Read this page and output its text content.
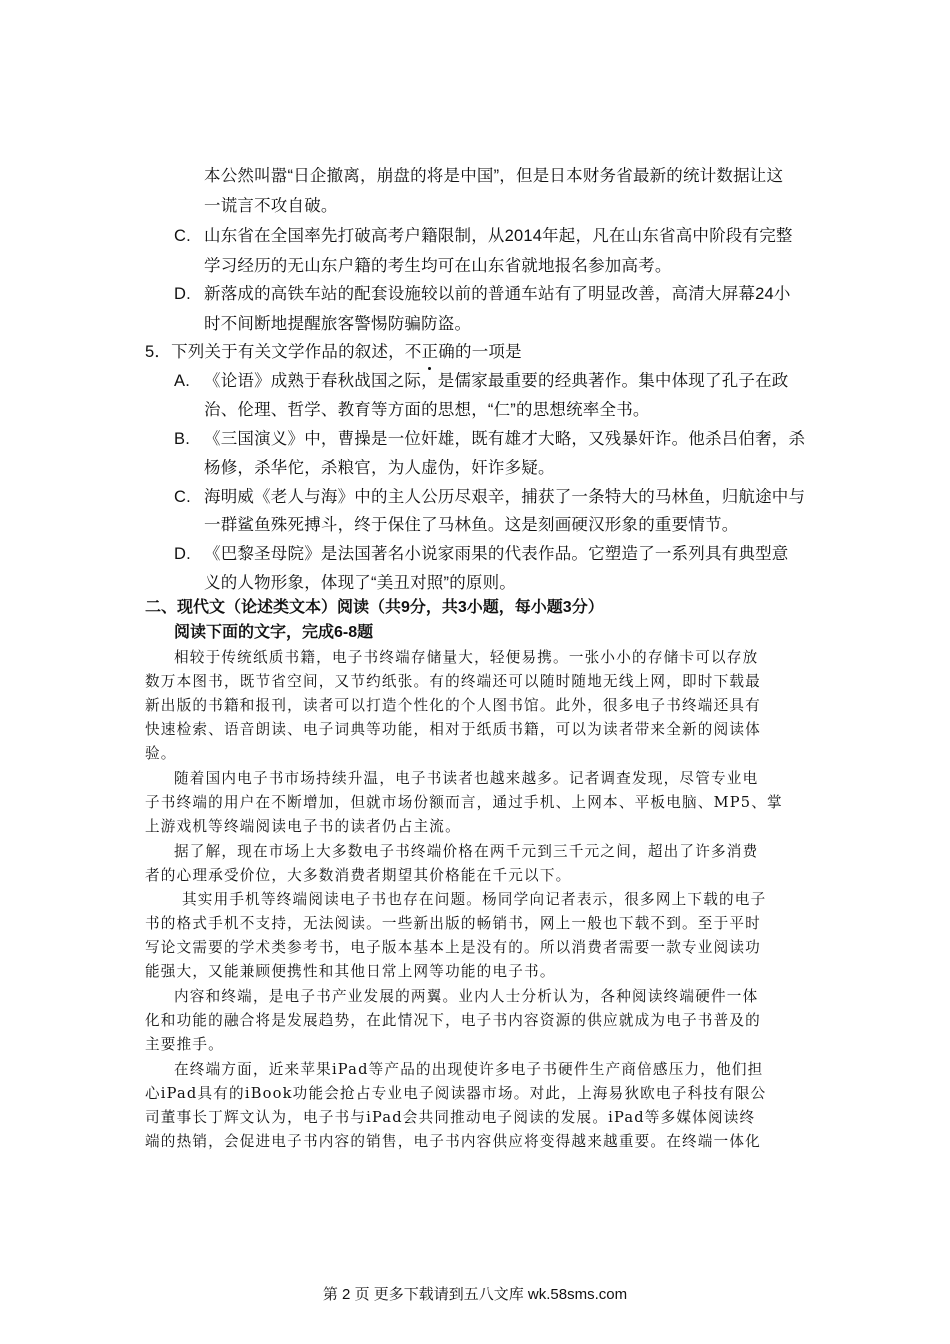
本公然叫嚣“日企撤离，崩盘的将是中国”，但是日本财务省最新的统计数据让这
一谎言不攻自破。
C. 山东省在全国率先打破高考户籍限制，从2014年起，凡在山东省高中阶段有完整
学习经历的无山东户籍的考生均可在山东省就地报名参加高考。
D. 新落成的高铁车站的配套设施较以前的普通车站有了明显改善，高清大屏幕24小
时不间断地提醒旅客警惕防骗防盗。
5．下列关于有关文学作品的叙述，不正确的一项是
A. 《论语》成熟于春秋战国之际，是儒家最重要的经典著作。集中体现了孔子在政
治、伦理、哲学、教育等方面的思想，“仁”的思想统率全书。
B. 《三国演义》中，曹操是一位奸雄，既有雄才大略，又残暴奸诈。他杀吕伯奢，杀
杨修，杀华佗，杀粮官，为人虚伪，奸诈多疑。
C. 海明威《老人与海》中的主人公历尽艰辛，捕获了一条特大的马林鱼，归航途中与
一群鲨鱼殊死搏斗，终于保住了马林鱼。这是刻画硬汉形象的重要情节。
D. 《巴黎圣母院》是法国著名小说家雨果的代表作品。它塑造了一系列具有典型意
义的人物形象，体现了“美丑对照”的原则。
二、现代文（论述类文本）阅读（共9分，共3小题，每小题3分）
阅读下面的文字，完成6-8题
相较于传统纸质书籍，电子书终端存储量大，轻便易携。一张小小的存储卡可以存放
数万本图书，既节省空间，又节约纸张。有的终端还可以随时随地无线上网，即时下载最
新出版的书籍和报刊，读者可以打造个性化的个人图书馆。此外，很多电子书终端还具有
快速检索、语音朗读、电子词典等功能，相对于纸质书籍，可以为读者带来全新的阅读体
验。
随着国内电子书市场持续升温，电子书读者也越来越多。记者调查发现，尽管专业电
子书终端的用户在不断增加，但就市场份额而言，通过手机、上网本、平板电脑、MP5、掌
上游戏机等终端阅读电子书的读者仍占主流。
据了解，现在市场上大多数电子书终端价格在两千元到三千元之间，超出了许多消费
者的心理承受价位，大多数消费者期望其价格能在千元以下。
其实用手机等终端阅读电子书也存在问题。杨同学向记者表示，很多网上下载的电子
书的格式手机不支持，无法阅读。一些新出版的畅销书，网上一般也下载不到。至于平时
写论文需要的学术类参考书，电子版本基本上是没有的。所以消费者需要一款专业阅读功
能强大，又能兼顾便携性和其他日常上网等功能的电子书。
内容和终端，是电子书产业发展的两翼。业内人士分析认为，各种阅读终端硬件一体
化和功能的融合将是发展趋势，在此情况下，电子书内容资源的供应就成为电子书普及的
主要推手。
在终端方面，近来苹果iPad等产品的出现使许多电子书硬件生产商倍感压力，他们担
心iPad具有的iBook功能会抢占专业电子阅读器市场。对此，上海易狄欧电子科技有限公
司董事长丁辉文认为，电子书与iPad会共同推动电子阅读的发展。iPad等多媒体阅读终
端的热销，会促进电子书内容的销售，电子书内容供应将变得越来越重要。在终端一体化
第 2 页 更多下载请到五八文库 wk.58sms.com
